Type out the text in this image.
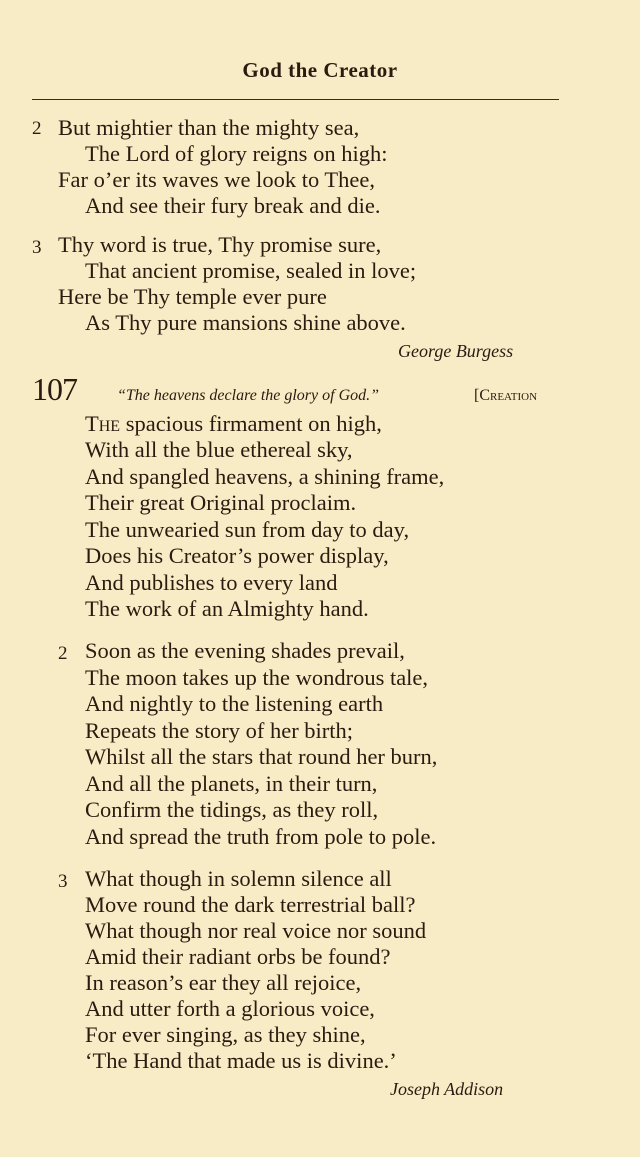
God the Creator
2 But mightier than the mighty sea,
The Lord of glory reigns on high:
Far o’er its waves we look to Thee,
And see their fury break and die.
3 Thy word is true, Thy promise sure,
That ancient promise, sealed in love;
Here be Thy temple ever pure
As Thy pure mansions shine above.
George Burgess
107	“The heavens declare the glory of God.”	[Creation
The spacious firmament on high,
With all the blue ethereal sky,
And spangled heavens, a shining frame,
Their great Original proclaim.
The unwearied sun from day to day,
Does his Creator’s power display,
And publishes to every land
The work of an Almighty hand.
2 Soon as the evening shades prevail,
The moon takes up the wondrous tale,
And nightly to the listening earth
Repeats the story of her birth;
Whilst all the stars that round her burn,
And all the planets, in their turn,
Confirm the tidings, as they roll,
And spread the truth from pole to pole.
3 What though in solemn silence all
Move round the dark terrestrial ball?
What though nor real voice nor sound
Amid their radiant orbs be found?
In reason’s ear they all rejoice,
And utter forth a glorious voice,
For ever singing, as they shine,
‘The Hand that made us is divine.’
Joseph Addison
